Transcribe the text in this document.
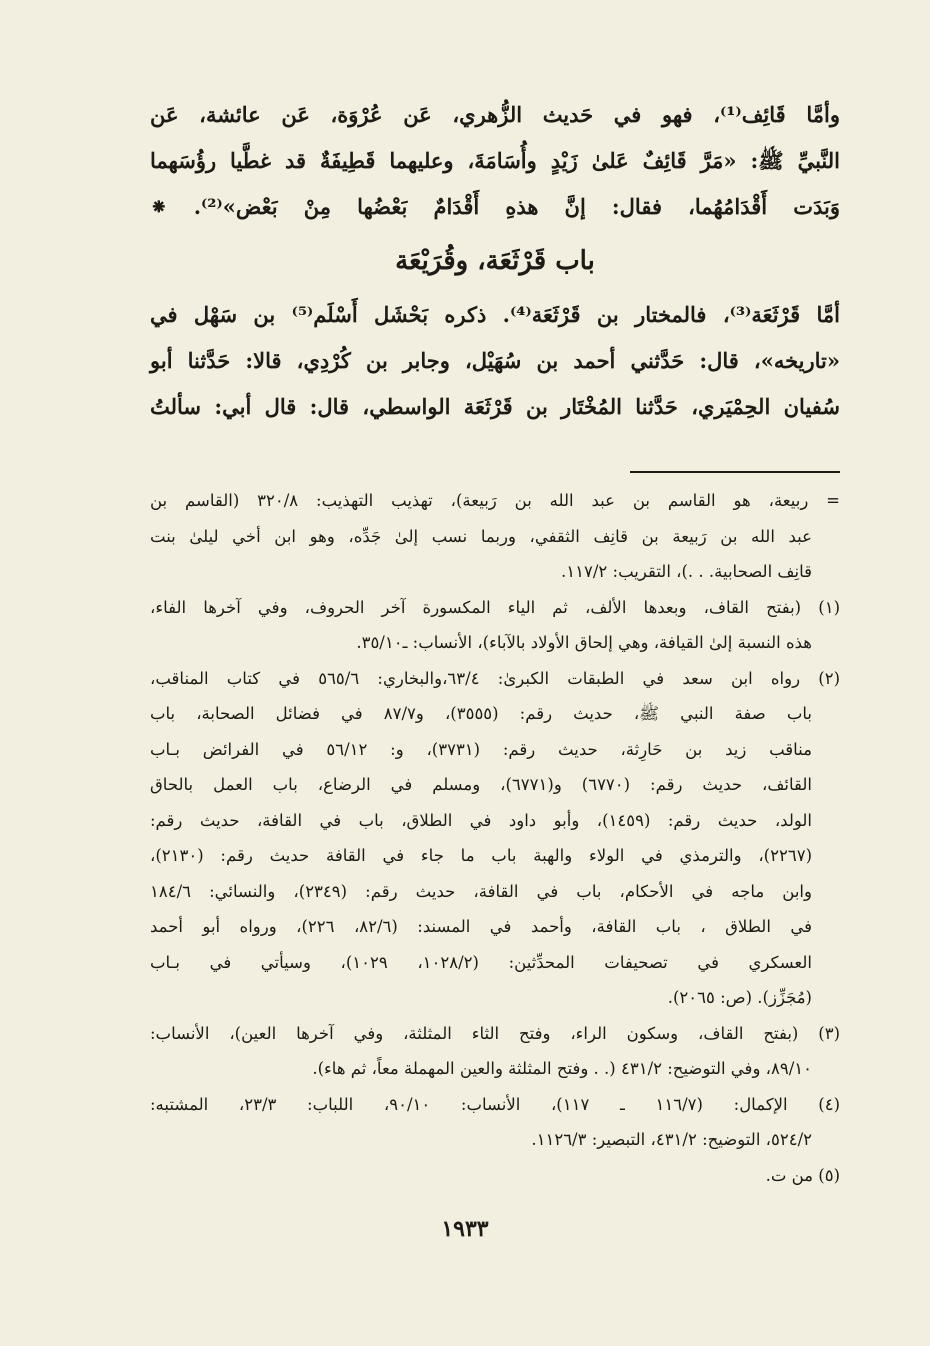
وأمَّا قَائِف⁽¹⁾، فهو في حَديث الزُّهري، عَن عُرْوَة، عَن عائشة، عَن
النَّبيِّ ﷺ: «مَرَّ قَائِفٌ عَلىٰ زَيْدٍ وأُسَامَةَ، وعليهما قَطِيفَةٌ قد غطَّيا رؤُسَهما
وَبَدَت أَقْدَامُهُما، فقال: إنَّ هذهِ أَقْدَامٌ بَعْضُها مِنْ بَعْض»⁽²⁾. ⁕
باب قَرْثَعَة، وقُرَيْعَة
أمَّا قَرْثَعَة⁽³⁾، فالمختار بن قَرْثَعَة⁽⁴⁾. ذكره بَحْشَل أَسْلَم⁽⁵⁾ بن سَهْل في
«تاريخه»، قال: حَدَّثني أحمد بن سُهَيْل، وجابر بن كُرْدِي، قالا: حَدَّثنا أبو
سُفيان الحِمْيَري، حَدَّثنا المُخْتَار بن قَرْثَعَة الواسطي، قال: قال أبي: سألتُ
= ربيعة، هو القاسم بن عبد الله بن رَبيعة)، تهذيب التهذيب: ٣٢٠/٨ (القاسم بن
عبد الله بن رَبيعة بن قانِف الثقفي، وربما نسب إلىٰ جَدِّه، وهو ابن أخي ليلىٰ بنت
قانِف الصحابية. . .)، التقريب: ١١٧/٢.
(١) (بفتح القاف، وبعدها الألف، ثم الياء المكسورة آخر الحروف، وفي آخرها الفاء،
هذه النسبة إلىٰ القيافة، وهي إلحاق الأولاد بالآباء)، الأنساب: ـ٣٥/١٠.
(٢) رواه ابن سعد في الطبقات الكبرىٰ: ٦٣/٤،والبخاري: ٥٦٥/٦ في كتاب المناقب،
باب صفة النبي ﷺ، حديث رقم: (٣٥٥٥)، و٨٧/٧ في فضائل الصحابة، باب
مناقب زيد بن حَارِثة، حديث رقم: (٣٧٣١)، و: ٥٦/١٢ في الفرائض بـاب
القائف، حديث رقم: (٦٧٧٠) و(٦٧٧١)، ومسلم في الرضاع، باب العمل بالحاق
الولد، حديث رقم: (١٤٥٩)، وأبو داود في الطلاق، باب في القافة، حديث رقم:
(٢٢٦٧)، والترمذي في الولاء والهبة باب ما جاء في القافة حديث رقم: (٢١٣٠)،
وابن ماجه في الأحكام، باب في القافة، حديث رقم: (٢٣٤٩)، والنسائي: ١٨٤/٦
في الطلاق ، باب القافة، وأحمد في المسند: (٨٢/٦، ٢٢٦)، ورواه أبو أحمد
العسكري في تصحيفات المحدِّثين: (١٠٢٨/٢، ١٠٢٩)، وسيأتي في بـاب
(مُجَزِّز). (ص: ٢٠٦٥).
(٣) (بفتح القاف، وسكون الراء، وفتح الثاء المثلثة، وفي آخرها العين)، الأنساب:
٨٩/١٠، وفي التوضيح: ٤٣١/٢ (. . وفتح المثلثة والعين المهملة معاً، ثم هاء).
(٤) الإكمال: (١١٦/٧ ـ ١١٧)، الأنساب: ٩٠/١٠، اللباب: ٢٣/٣، المشتبه:
٥٢٤/٢، التوضيح: ٤٣١/٢، التبصير: ١١٢٦/٣.
(٥) من ت.
١٩٣٣
